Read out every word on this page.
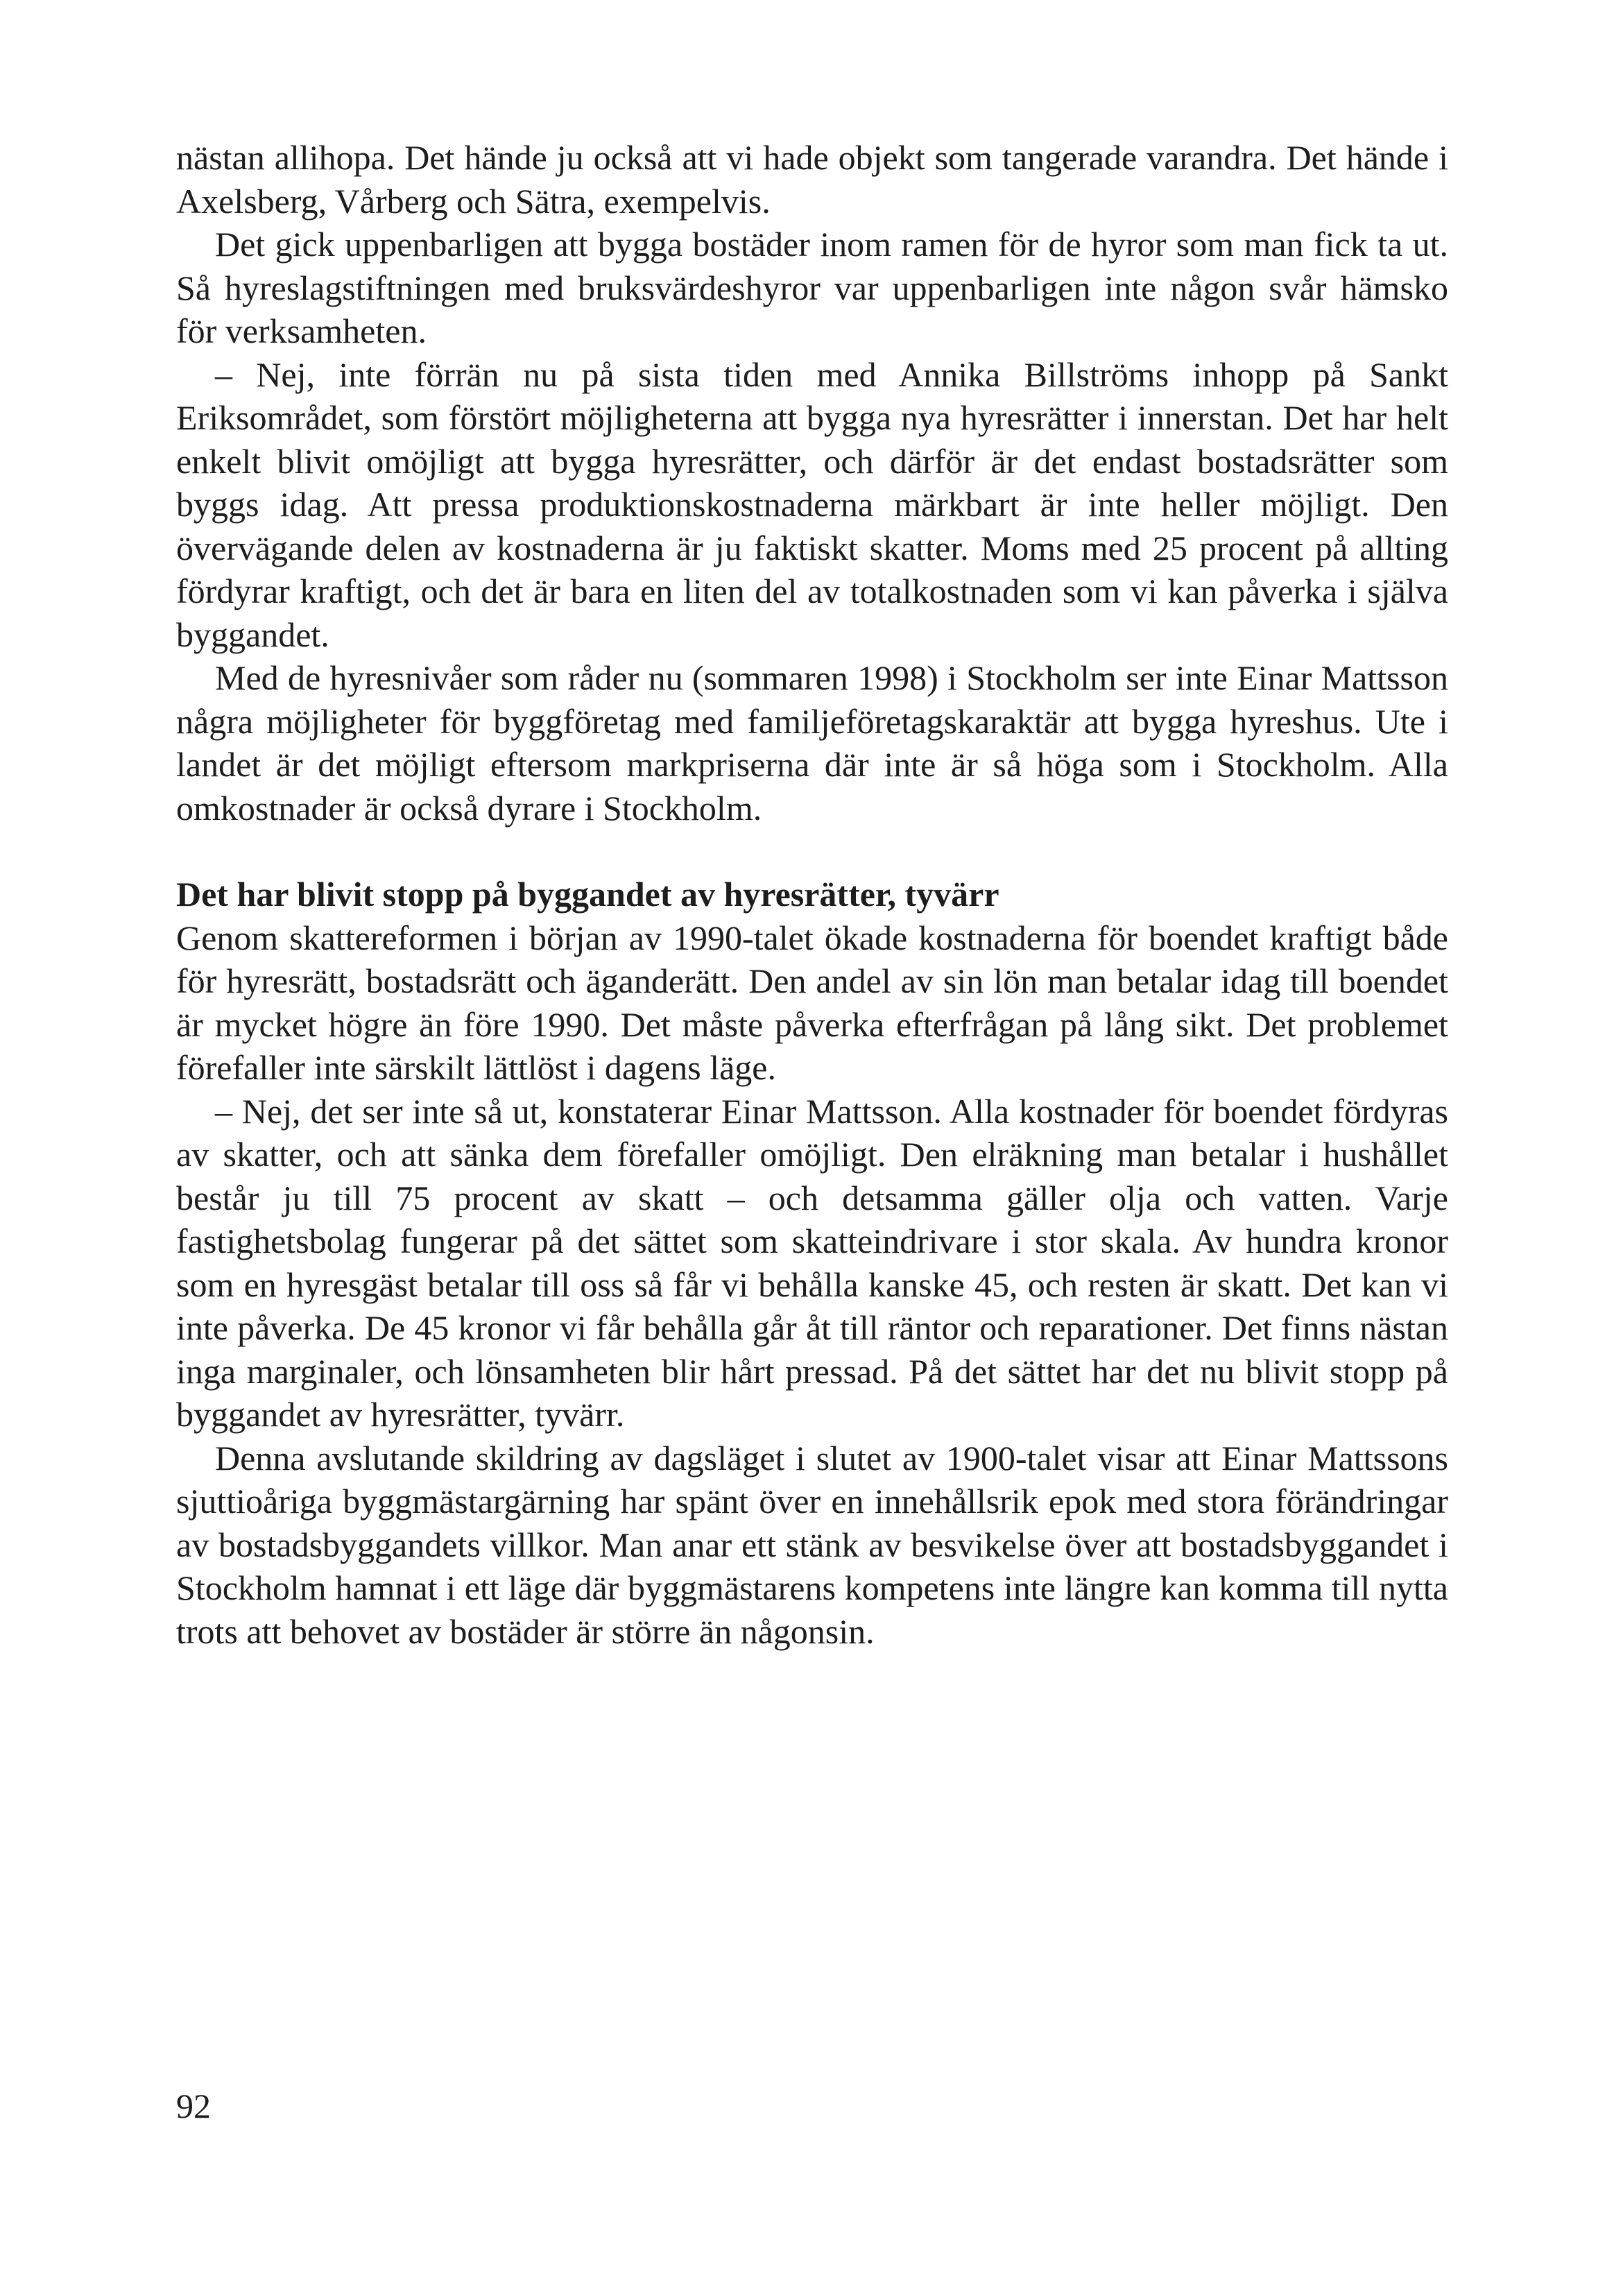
nästan allihopa. Det hände ju också att vi hade objekt som tangerade varandra. Det hände i Axelsberg, Vårberg och Sätra, exempelvis.

Det gick uppenbarligen att bygga bostäder inom ramen för de hyror som man fick ta ut. Så hyreslagstiftningen med bruksvärdeshyror var uppenbarligen inte någon svår hämsko för verksamheten.

– Nej, inte förrän nu på sista tiden med Annika Billströms inhopp på Sankt Eriksområdet, som förstört möjligheterna att bygga nya hyresrätter i innerstan. Det har helt enkelt blivit omöjligt att bygga hyresrätter, och därför är det endast bostadsrätter som byggs idag. Att pressa produktionskostnaderna märkbart är inte heller möjligt. Den övervägande delen av kostnaderna är ju faktiskt skatter. Moms med 25 procent på allting fördyrar kraftigt, och det är bara en liten del av totalkostnaden som vi kan påverka i själva byggandet.

Med de hyresnivåer som råder nu (sommaren 1998) i Stockholm ser inte Einar Mattsson några möjligheter för byggföretag med familjeföretagskaraktär att bygga hyreshus. Ute i landet är det möjligt eftersom markpriserna där inte är så höga som i Stockholm. Alla omkostnader är också dyrare i Stockholm.

Det har blivit stopp på byggandet av hyresrätter, tyvärr

Genom skattereformen i början av 1990-talet ökade kostnaderna för boendet kraftigt både för hyresrätt, bostadsrätt och äganderätt. Den andel av sin lön man betalar idag till boendet är mycket högre än före 1990. Det måste påverka efterfrågan på lång sikt. Det problemet förefaller inte särskilt lättlöst i dagens läge.

– Nej, det ser inte så ut, konstaterar Einar Mattsson. Alla kostnader för boendet fördyras av skatter, och att sänka dem förefaller omöjligt. Den elräkning man betalar i hushållet består ju till 75 procent av skatt – och detsamma gäller olja och vatten. Varje fastighetsbolag fungerar på det sättet som skatteindrivare i stor skala. Av hundra kronor som en hyresgäst betalar till oss så får vi behålla kanske 45, och resten är skatt. Det kan vi inte påverka. De 45 kronor vi får behålla går åt till räntor och reparationer. Det finns nästan inga marginaler, och lönsamheten blir hårt pressad. På det sättet har det nu blivit stopp på byggandet av hyresrätter, tyvärr.

Denna avslutande skildring av dagsläget i slutet av 1900-talet visar att Einar Mattssons sjuttioåriga byggmästargärning har spänt över en innehållsrik epok med stora förändringar av bostadsbyggandets villkor. Man anar ett stänk av besvikelse över att bostadsbyggandet i Stockholm hamnat i ett läge där byggmästarens kompetens inte längre kan komma till nytta trots att behovet av bostäder är större än någonsin.

92
